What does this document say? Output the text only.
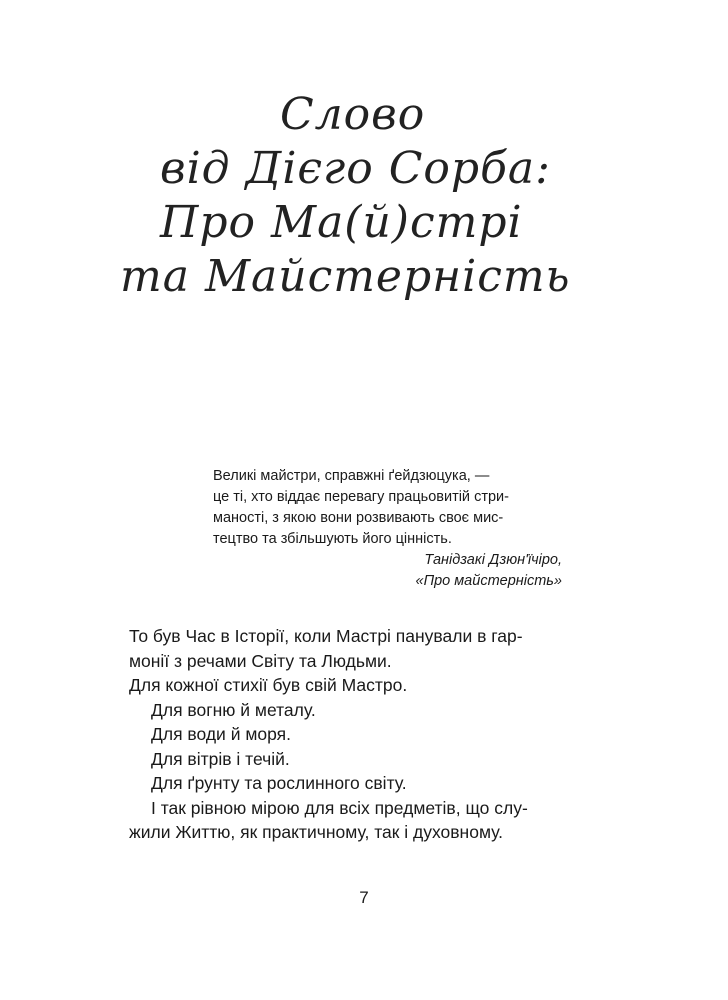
Слово
від Дієго Сорба:
Про Ма(й)стрі
та Майстерність
Великі майстри, справжні ґейдзюцука, —
це ті, хто віддає перевагу працьовитій стри-
маності, з якою вони розвивають своє мис-
тецтво та збільшують його цінність.
Танідзакі Дзюн'їчіро,
«Про майстерність»
То був Час в Історії, коли Мастрі панували в гар-
монії з речами Світу та Людьми.
Для кожної стихії був свій Мастро.
Для вогню й металу.
Для води й моря.
Для вітрів і течій.
Для ґрунту та рослинного світу.
І так рівною мірою для всіх предметів, що слу-
жили Життю, як практичному, так і духовному.
7
